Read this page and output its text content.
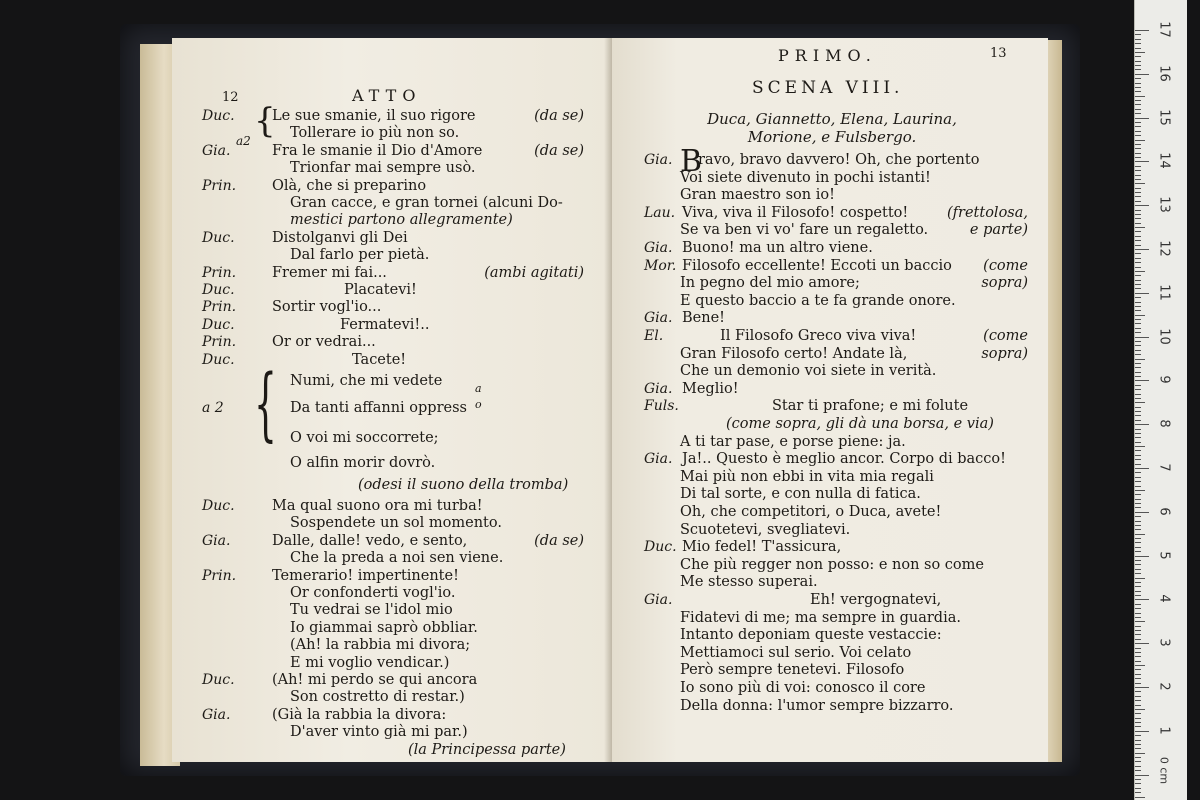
12	ATTO
Duc.	Le sue smanie, il suo rigore	(da se)
Tollerare io più non so.
Gia.	Fra le smanie il Dio d'Amore	(da se)
Trionfar mai sempre usò.
Prin. Olà, che si preparino
Gran cacce, e gran tornei (alcuni Do-
mestici partono allegramente)
Duc.	Distolganvi gli Dei
Dal farlo per pietà.
Prin. Fremer mi fai...	(ambi agitati)
Duc.	Placatevi!
Prin. Sortir vogl'io...
Duc.	Fermatevi!..
Prin. Or or vedrai...
Duc.	Tacete!
Numi, che mi vedete
a 2	Da tanti affanni oppress
O voi mi soccorrete;
O alfin morir dovrò.
(odesi il suono della tromba)
Duc.	Ma qual suono ora mi turba!
Sospendete un sol momento.
Gia.	Dalle, dalle! vedo, e sento,	(da se)
Che la preda a noi sen viene.
Prin. Temerario! impertinente!
Or confonderti vogl'io.
Tu vedrai se l'idol mio
Io giammai saprò obbliar.
(Ah! la rabbia mi divora;
E mi voglio vendicar.)
Duc.	(Ah! mi perdo se qui ancora
Son costretto di restar.)
Gia.	(Già la rabbia la divora:
D'aver vinto già mi par.)
(la Principessa parte)
{
a2
{	a
o
PRIMO.	13
SCENA VIII.
Duca, Giannetto, Elena, Laurina,
Morione, e Fulsbergo.
B
Gia. ravo, bravo davvero! Oh, che portento
Voi siete divenuto in pochi istanti!
Gran maestro son io!
Lau. Viva, viva il Filosofo! cospetto!	(frettolosa,
Se va ben vi vo' fare un regaletto.	e parte)
Gia. Buono! ma un altro viene.
Mor. Filosofo eccellente! Eccoti un baccio (come
In pegno del mio amore;	sopra)
E questo baccio a te fa grande onore.
Gia. Bene!
El.	Il Filosofo Greco viva viva!	(come
Gran Filosofo certo! Andate là,	sopra)
Che un demonio voi siete in verità.
Gia. Meglio!
Fuls.	Star ti prafone; e mi folute
(come sopra, gli dà una borsa, e via)
A ti tar pase, e porse piene: ja.
Gia. Ja!.. Questo è meglio ancor. Corpo di bacco!
Mai più non ebbi in vita mia regali
Di tal sorte, e con nulla di fatica.
Oh, che competitori, o Duca, avete!
Scuotetevi, svegliatevi.
Duc. Mio fedel! T'assicura,
Che più regger non posso: e non so come
Me stesso superai.
Gia.	Eh! vergognatevi,
Fidatevi di me; ma sempre in guardia.
Intanto deponiam queste vestaccie:
Mettiamoci sul serio. Voi celato
Però sempre tenetevi. Filosofo
Io sono più di voi: conosco il core
Della donna: l'umor sempre bizzarro.
17
16
15
14
13
12
11
10
9
8
7
6
5
4
3
2
1
0 cm
